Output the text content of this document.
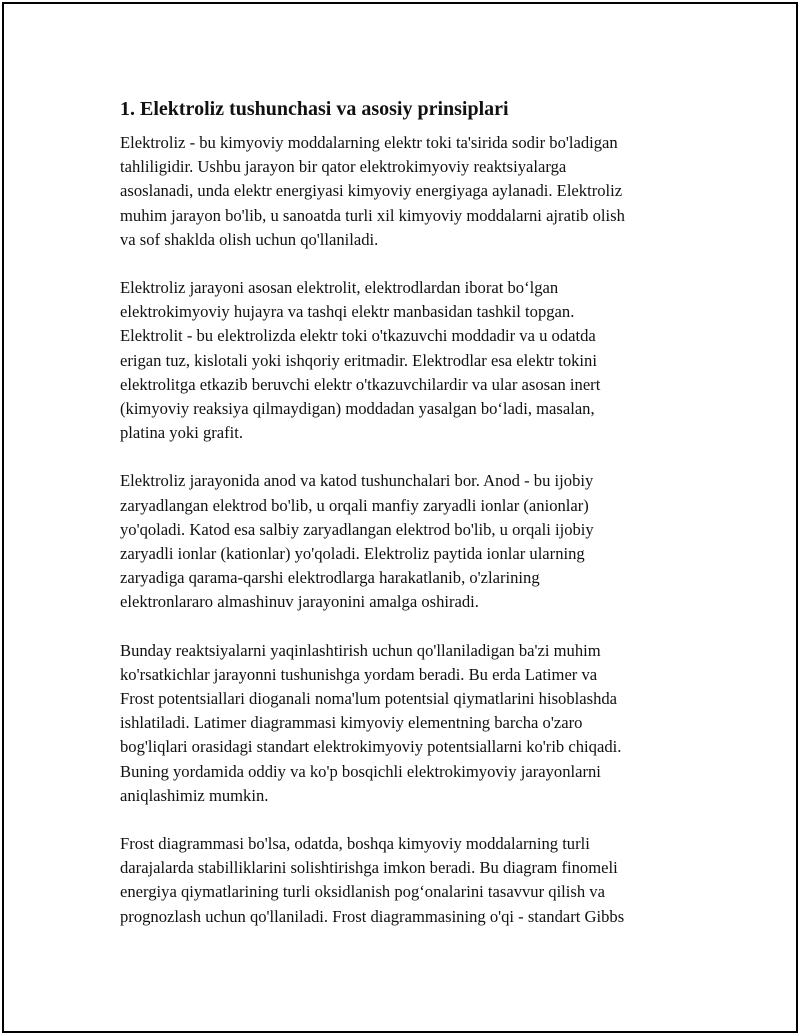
1. Elektroliz tushunchasi va asosiy prinsiplari

Elektroliz - bu kimyoviy moddalarning elektr toki ta'sirida sodir bo'ladigan
tahliligidir. Ushbu jarayon bir qator elektrokimyoviy reaktsiyalarga
asoslanadi, unda elektr energiyasi kimyoviy energiyaga aylanadi. Elektroliz
muhim jarayon bo'lib, u sanoatda turli xil kimyoviy moddalarni ajratib olish
va sof shaklda olish uchun qo'llaniladi.

Elektroliz jarayoni asosan elektrolit, elektrodlardan iborat bo‘lgan
elektrokimyoviy hujayra va tashqi elektr manbasidan tashkil topgan.
Elektrolit - bu elektrolizda elektr toki o'tkazuvchi moddadir va u odatda
erigan tuz, kislotali yoki ishqoriy eritmadir. Elektrodlar esa elektr tokini
elektrolitga etkazib beruvchi elektr o'tkazuvchilardir va ular asosan inert
(kimyoviy reaksiya qilmaydigan) moddadan yasalgan bo‘ladi, masalan,
platina yoki grafit.

Elektroliz jarayonida anod va katod tushunchalari bor. Anod - bu ijobiy
zaryadlangan elektrod bo'lib, u orqali manfiy zaryadli ionlar (anionlar)
yo'qoladi. Katod esa salbiy zaryadlangan elektrod bo'lib, u orqali ijobiy
zaryadli ionlar (kationlar) yo'qoladi. Elektroliz paytida ionlar ularning
zaryadiga qarama-qarshi elektrodlarga harakatlanib, o'zlarining
elektronlararo almashinuv jarayonini amalga oshiradi.

Bunday reaktsiyalarni yaqinlashtirish uchun qo'llaniladigan ba'zi muhim
ko'rsatkichlar jarayonni tushunishga yordam beradi. Bu erda Latimer va
Frost potentsiallari dioganali noma'lum potentsial qiymatlarini hisoblashda
ishlatiladi. Latimer diagrammasi kimyoviy elementning barcha o'zaro
bog'liqlari orasidagi standart elektrokimyoviy potentsiallarni ko'rib chiqadi.
Buning yordamida oddiy va ko'p bosqichli elektrokimyoviy jarayonlarni
aniqlashimiz mumkin.

Frost diagrammasi bo'lsa, odatda, boshqa kimyoviy moddalarning turli
darajalarda stabilliklarini solishtirishga imkon beradi. Bu diagram finomeli
energiya qiymatlarining turli oksidlanish pog‘onalarini tasavvur qilish va
prognozlash uchun qo'llaniladi. Frost diagrammasining o'qi - standart Gibbs
